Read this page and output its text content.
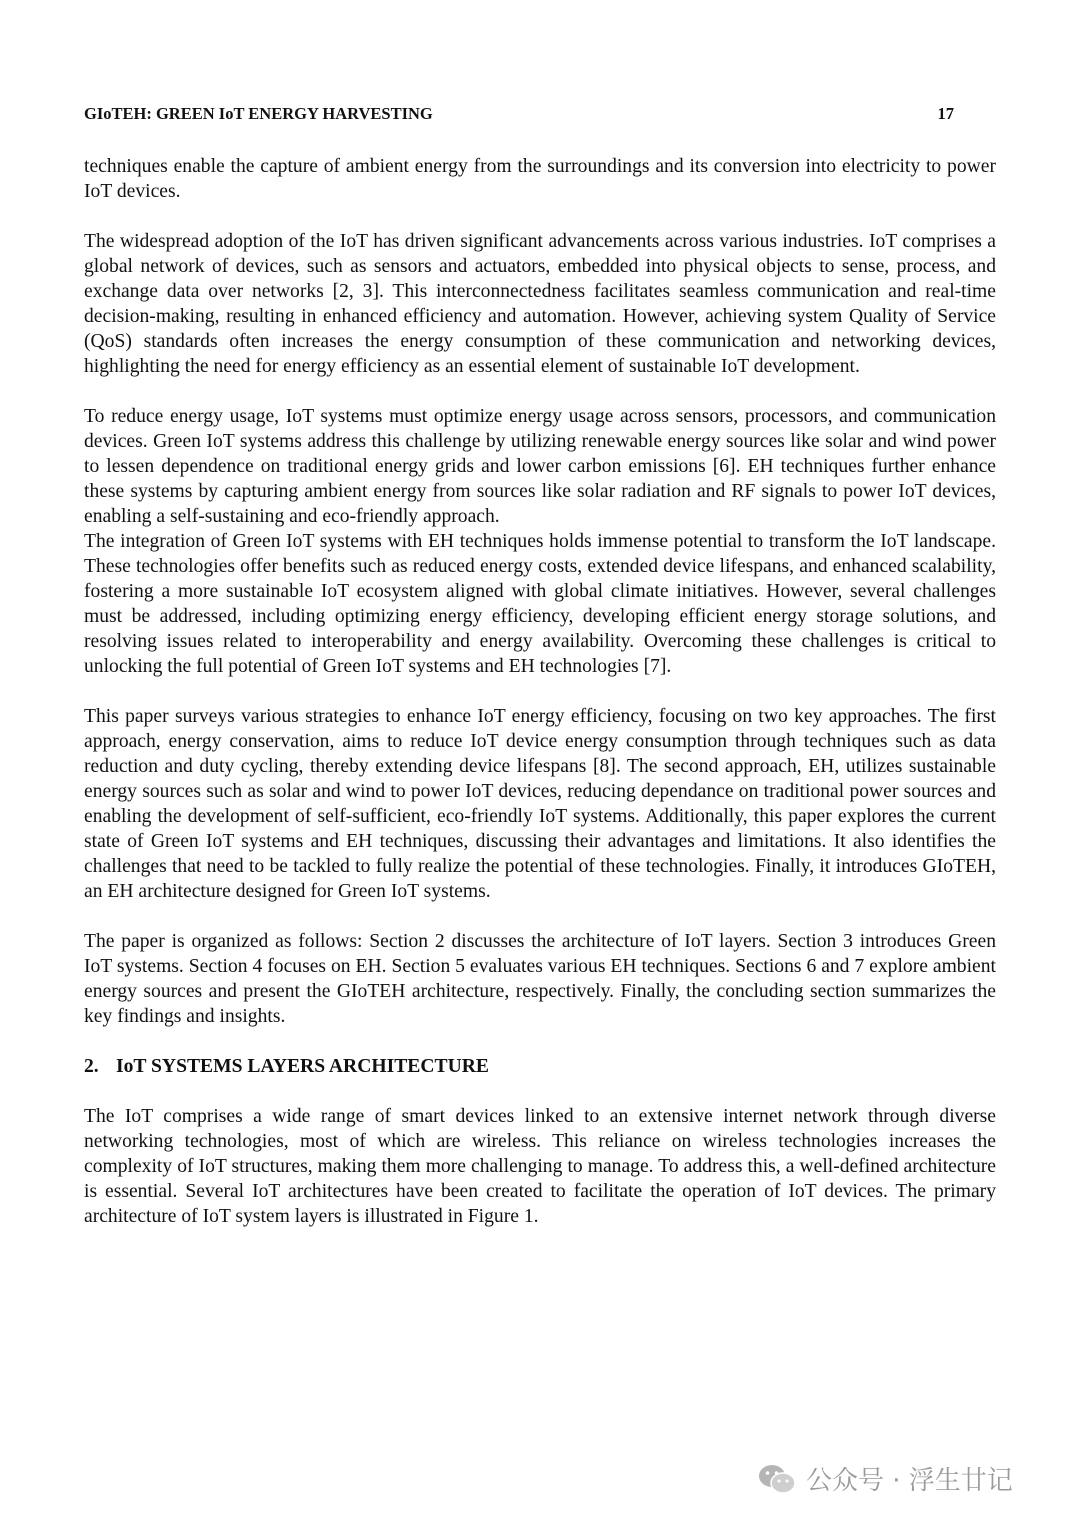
GIoTEH: GREEN IoT ENERGY HARVESTING	17

techniques enable the capture of ambient energy from the surroundings and its conversion into electricity to power IoT devices.

The widespread adoption of the IoT has driven significant advancements across various industries. IoT comprises a global network of devices, such as sensors and actuators, embedded into physical objects to sense, process, and exchange data over networks [2, 3]. This interconnectedness facilitates seamless communication and real-time decision-making, resulting in enhanced efficiency and automation. However, achieving system Quality of Service (QoS) standards often increases the energy consumption of these communication and networking devices, highlighting the need for energy efficiency as an essential element of sustainable IoT development.

To reduce energy usage, IoT systems must optimize energy usage across sensors, processors, and communication devices. Green IoT systems address this challenge by utilizing renewable energy sources like solar and wind power to lessen dependence on traditional energy grids and lower carbon emissions [6]. EH techniques further enhance these systems by capturing ambient energy from sources like solar radiation and RF signals to power IoT devices, enabling a self-sustaining and eco-friendly approach.

The integration of Green IoT systems with EH techniques holds immense potential to transform the IoT landscape. These technologies offer benefits such as reduced energy costs, extended device lifespans, and enhanced scalability, fostering a more sustainable IoT ecosystem aligned with global climate initiatives. However, several challenges must be addressed, including optimizing energy efficiency, developing efficient energy storage solutions, and resolving issues related to interoperability and energy availability. Overcoming these challenges is critical to unlocking the full potential of Green IoT systems and EH technologies [7].

This paper surveys various strategies to enhance IoT energy efficiency, focusing on two key approaches. The first approach, energy conservation, aims to reduce IoT device energy consumption through techniques such as data reduction and duty cycling, thereby extending device lifespans [8]. The second approach, EH, utilizes sustainable energy sources such as solar and wind to power IoT devices, reducing dependance on traditional power sources and enabling the development of self-sufficient, eco-friendly IoT systems. Additionally, this paper explores the current state of Green IoT systems and EH techniques, discussing their advantages and limitations. It also identifies the challenges that need to be tackled to fully realize the potential of these technologies. Finally, it introduces GIoTEH, an EH architecture designed for Green IoT systems.

The paper is organized as follows: Section 2 discusses the architecture of IoT layers. Section 3 introduces Green IoT systems. Section 4 focuses on EH. Section 5 evaluates various EH techniques. Sections 6 and 7 explore ambient energy sources and present the GIoTEH architecture, respectively. Finally, the concluding section summarizes the key findings and insights.

2. IoT SYSTEMS LAYERS ARCHITECTURE

The IoT comprises a wide range of smart devices linked to an extensive internet network through diverse networking technologies, most of which are wireless. This reliance on wireless technologies increases the complexity of IoT structures, making them more challenging to manage. To address this, a well-defined architecture is essential. Several IoT architectures have been created to facilitate the operation of IoT devices. The primary architecture of IoT system layers is illustrated in Figure 1.

公众号 · 浮生廿记
